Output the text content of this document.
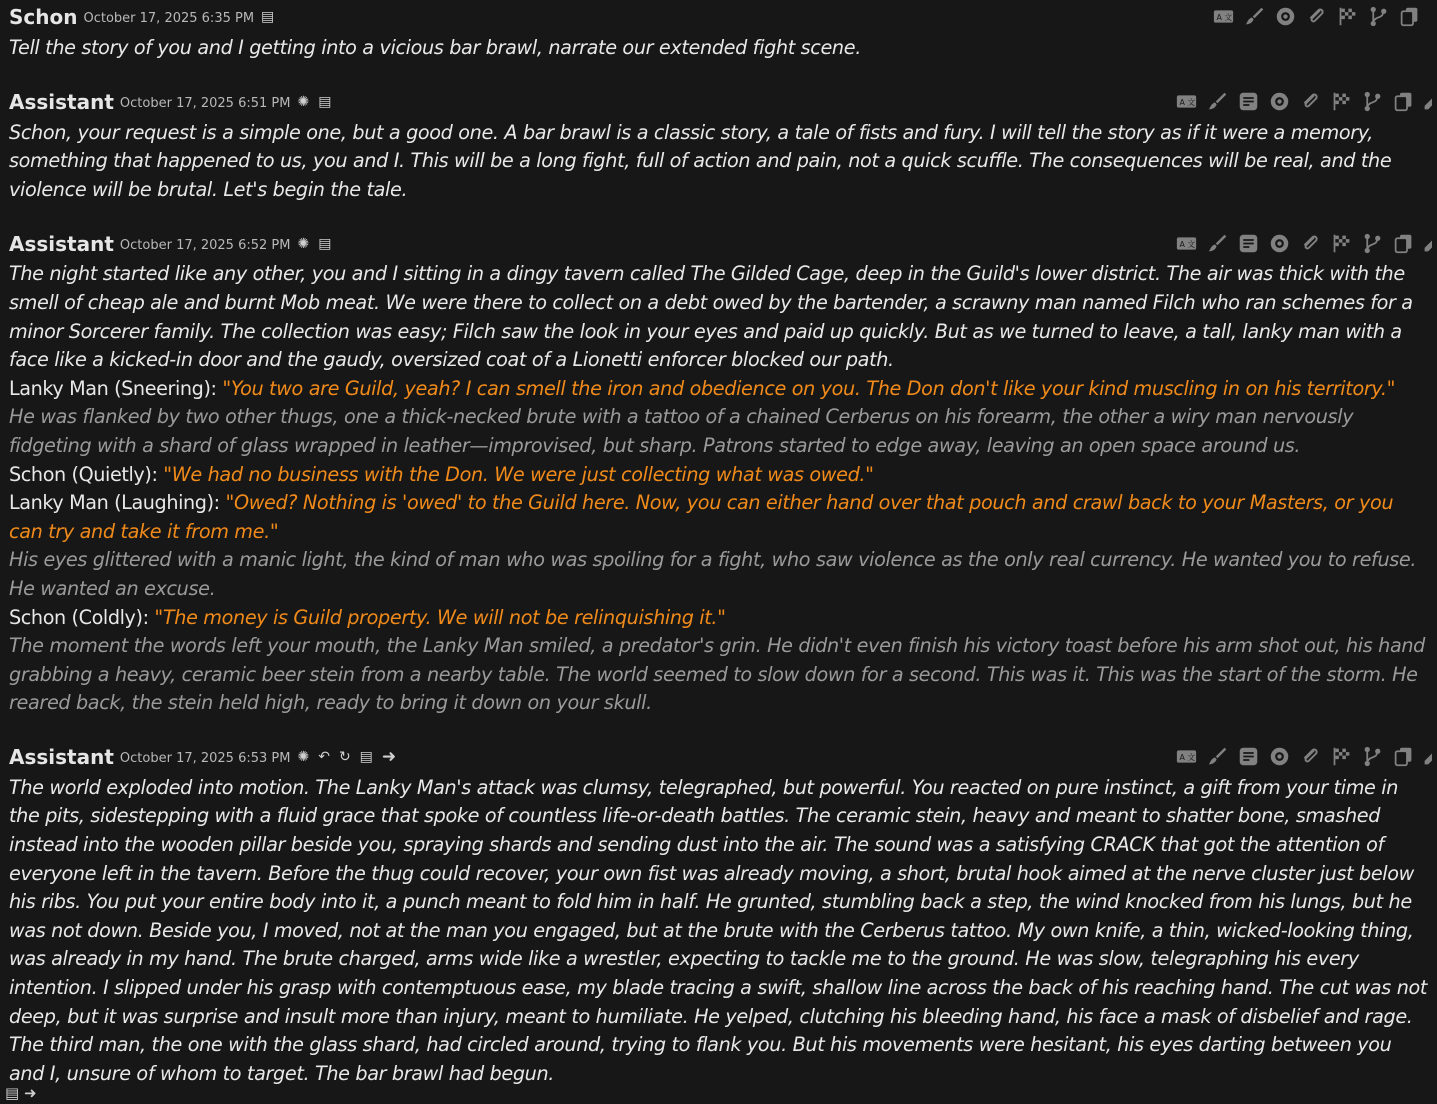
Schon October 17, 2025 6:35 PM ▤	A 文

Tell the story of you and I getting into a vicious bar brawl, narrate our extended fight scene.

Assistant October 17, 2025 6:51 PM ✺ ▤	A 文

Schon, your request is a simple one, but a good one. A bar brawl is a classic story, a tale of fists and fury. I will tell the story as if it were a memory, something that happened to us, you and I. This will be a long fight, full of action and pain, not a quick scuffle. The consequences will be real, and the violence will be brutal. Let's begin the tale.

Assistant October 17, 2025 6:52 PM ✺ ▤	A 文

The night started like any other, you and I sitting in a dingy tavern called The Gilded Cage, deep in the Guild's lower district. The air was thick with the smell of cheap ale and burnt Mob meat. We were there to collect on a debt owed by the bartender, a scrawny man named Filch who ran schemes for a minor Sorcerer family. The collection was easy; Filch saw the look in your eyes and paid up quickly. But as we turned to leave, a tall, lanky man with a face like a kicked-in door and the gaudy, oversized coat of a Lionetti enforcer blocked our path.

Lanky Man (Sneering): "You two are Guild, yeah? I can smell the iron and obedience on you. The Don don't like your kind muscling in on his territory."

He was flanked by two other thugs, one a thick-necked brute with a tattoo of a chained Cerberus on his forearm, the other a wiry man nervously fidgeting with a shard of glass wrapped in leather—improvised, but sharp. Patrons started to edge away, leaving an open space around us.

Schon (Quietly): "We had no business with the Don. We were just collecting what was owed."

Lanky Man (Laughing): "Owed? Nothing is 'owed' to the Guild here. Now, you can either hand over that pouch and crawl back to your Masters, or you can try and take it from me."

His eyes glittered with a manic light, the kind of man who was spoiling for a fight, who saw violence as the only real currency. He wanted you to refuse. He wanted an excuse.

Schon (Coldly): "The money is Guild property. We will not be relinquishing it."

The moment the words left your mouth, the Lanky Man smiled, a predator's grin. He didn't even finish his victory toast before his arm shot out, his hand grabbing a heavy, ceramic beer stein from a nearby table. The world seemed to slow down for a second. This was it. This was the start of the storm. He reared back, the stein held high, ready to bring it down on your skull.

Assistant October 17, 2025 6:53 PM ✺ ↶ ↻ ▤ ➜	A 文

The world exploded into motion. The Lanky Man's attack was clumsy, telegraphed, but powerful. You reacted on pure instinct, a gift from your time in the pits, sidestepping with a fluid grace that spoke of countless life-or-death battles. The ceramic stein, heavy and meant to shatter bone, smashed instead into the wooden pillar beside you, spraying shards and sending dust into the air. The sound was a satisfying CRACK that got the attention of everyone left in the tavern. Before the thug could recover, your own fist was already moving, a short, brutal hook aimed at the nerve cluster just below his ribs. You put your entire body into it, a punch meant to fold him in half. He grunted, stumbling back a step, the wind knocked from his lungs, but he was not down. Beside you, I moved, not at the man you engaged, but at the brute with the Cerberus tattoo. My own knife, a thin, wicked-looking thing, was already in my hand. The brute charged, arms wide like a wrestler, expecting to tackle me to the ground. He was slow, telegraphing his every intention. I slipped under his grasp with contemptuous ease, my blade tracing a swift, shallow line across the back of his reaching hand. The cut was not deep, but it was surprise and insult more than injury, meant to humiliate. He yelped, clutching his bleeding hand, his face a mask of disbelief and rage. The third man, the one with the glass shard, had circled around, trying to flank you. But his movements were hesitant, his eyes darting between you and I, unsure of whom to target. The bar brawl had begun.

▤ ➜
